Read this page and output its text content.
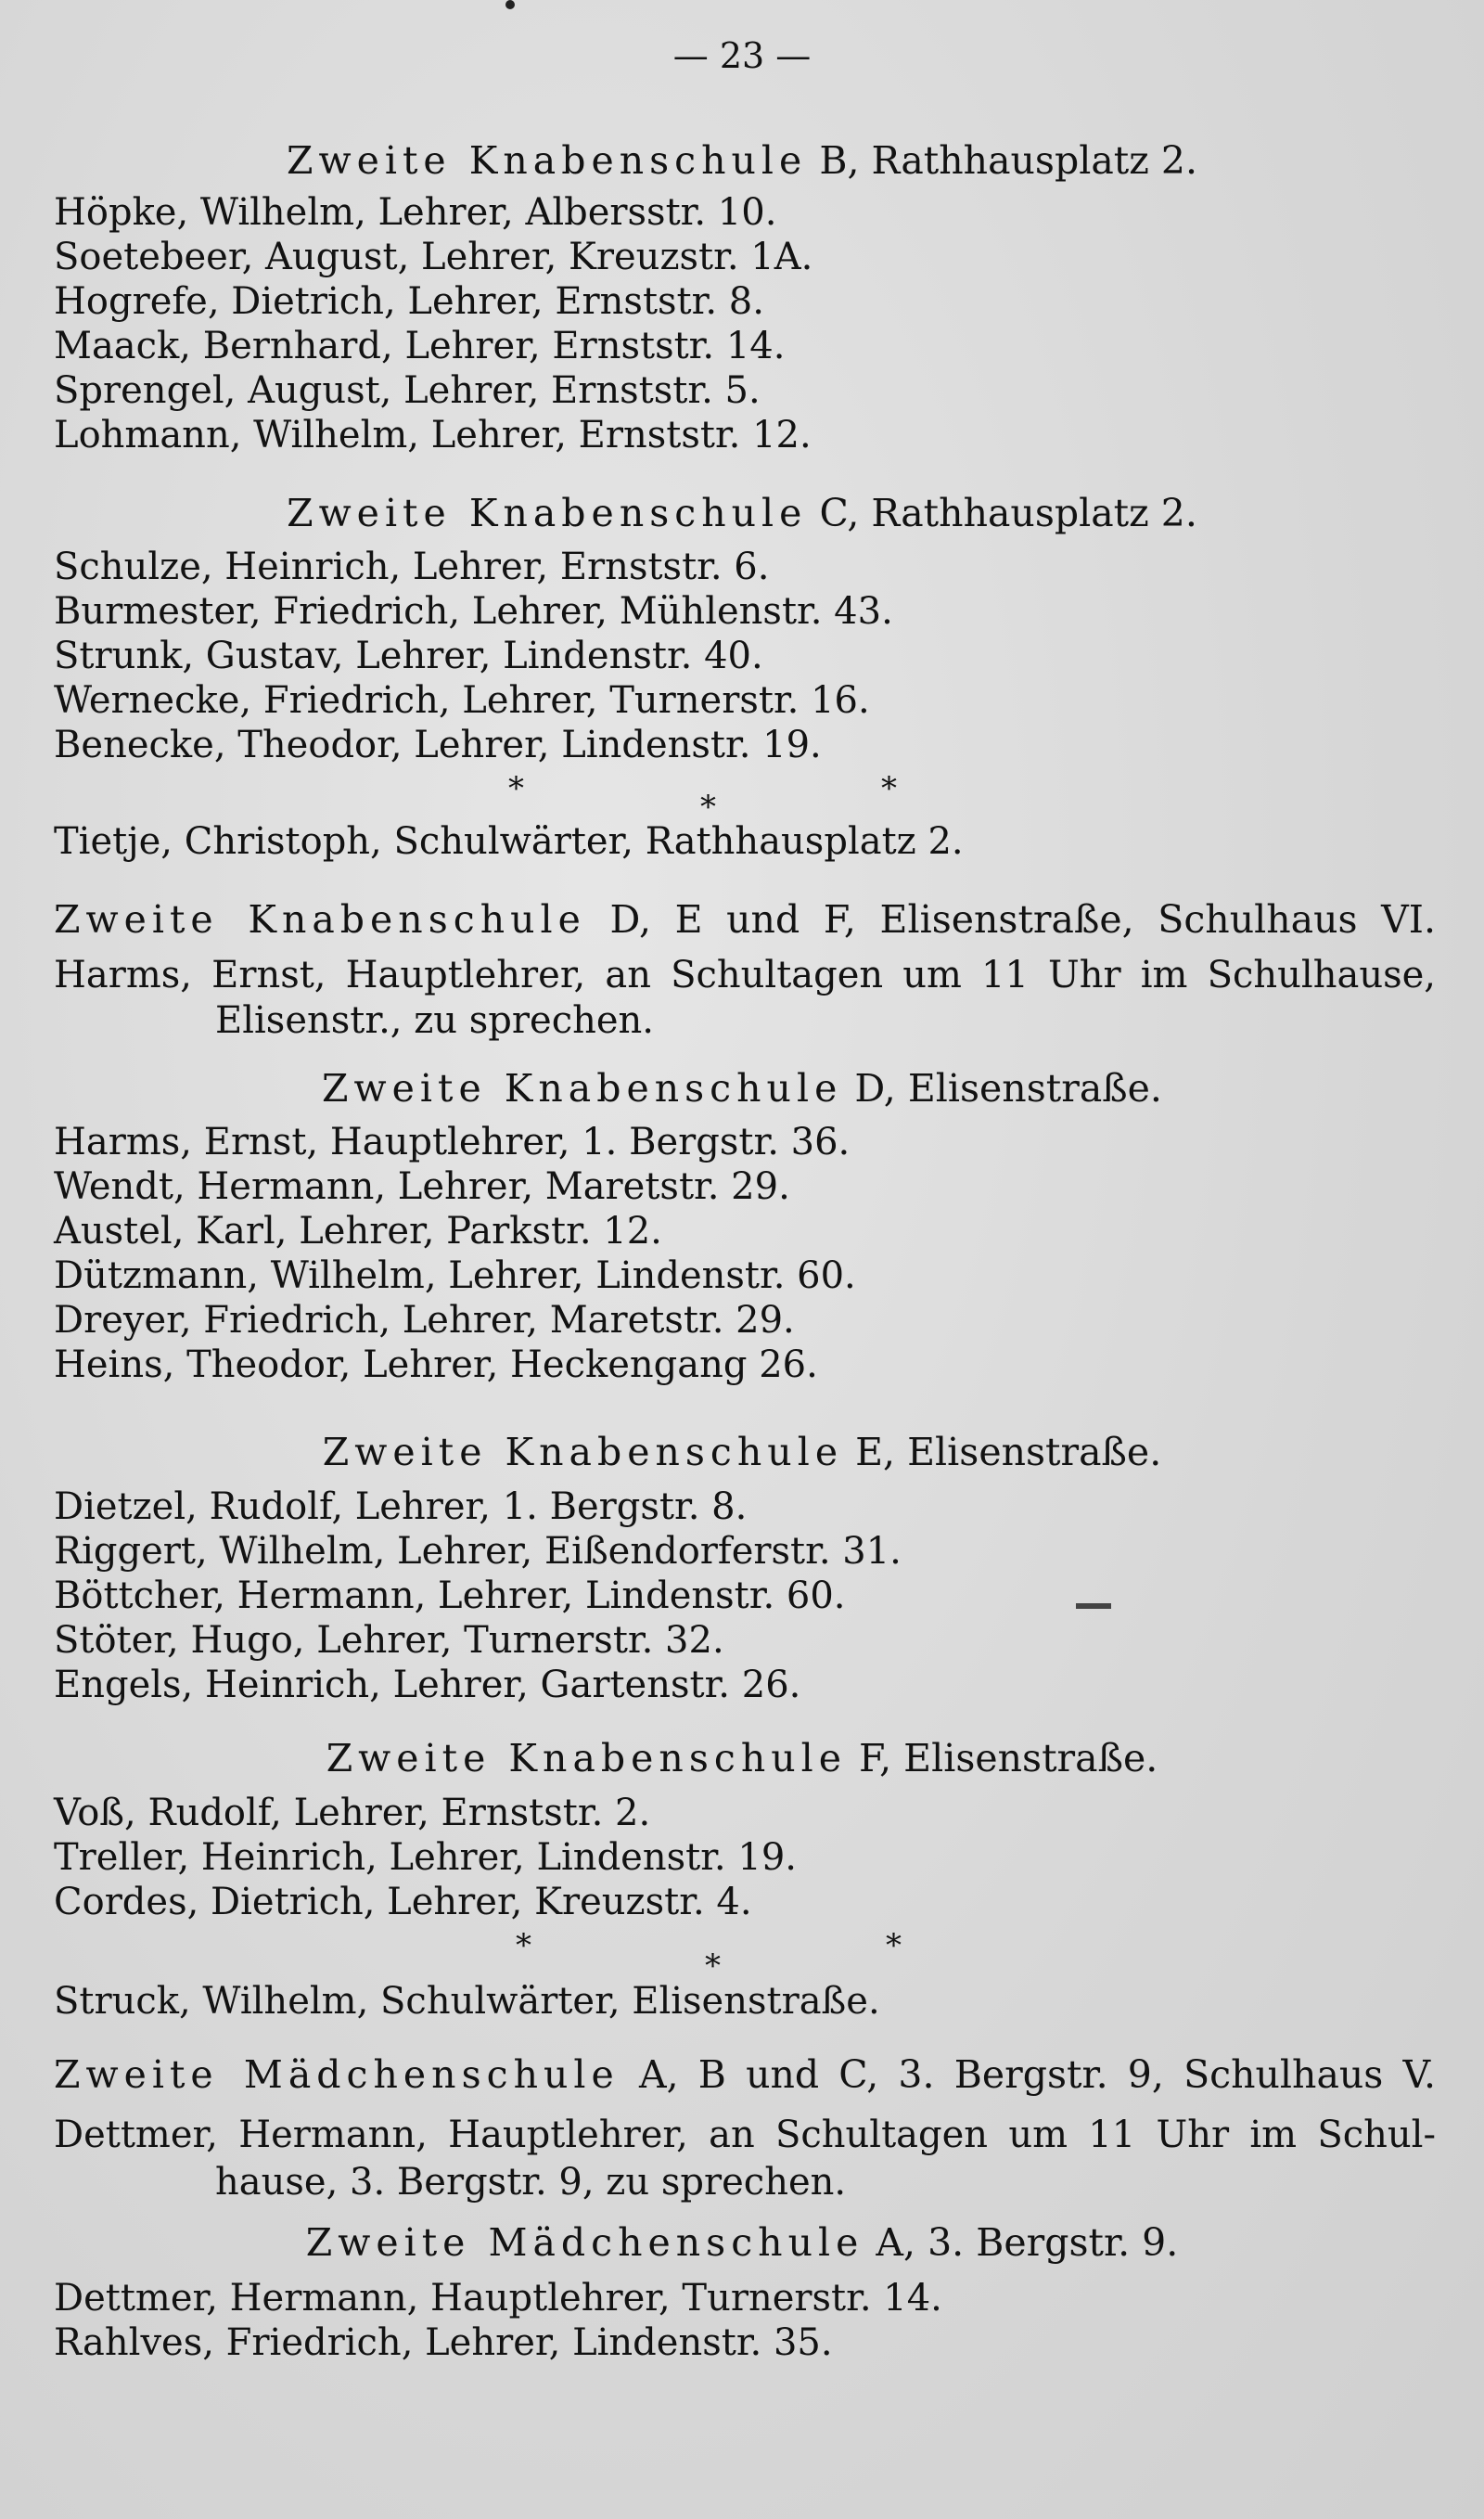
— 23 —
Zweite Knabenschule B, Rathhausplatz 2.
Höpke, Wilhelm, Lehrer, Albersstr. 10.
Soetebeer, August, Lehrer, Kreuzstr. 1A.
Hogrefe, Dietrich, Lehrer, Ernststr. 8.
Maack, Bernhard, Lehrer, Ernststr. 14.
Sprengel, August, Lehrer, Ernststr. 5.
Lohmann, Wilhelm, Lehrer, Ernststr. 12.
Zweite Knabenschule C, Rathhausplatz 2.
Schulze, Heinrich, Lehrer, Ernststr. 6.
Burmester, Friedrich, Lehrer, Mühlenstr. 43.
Strunk, Gustav, Lehrer, Lindenstr. 40.
Wernecke, Friedrich, Lehrer, Turnerstr. 16.
Benecke, Theodor, Lehrer, Lindenstr. 19.
*	*	*
Tietje, Christoph, Schulwärter, Rathhausplatz 2.
Zweite Knabenschule D, E und F, Elisenstraße, Schulhaus VI.
Harms, Ernst, Hauptlehrer, an Schultagen um 11 Uhr im Schulhause,
Elisenstr., zu sprechen.
Zweite Knabenschule D, Elisenstraße.
Harms, Ernst, Hauptlehrer, 1. Bergstr. 36.
Wendt, Hermann, Lehrer, Maretstr. 29.
Austel, Karl, Lehrer, Parkstr. 12.
Dützmann, Wilhelm, Lehrer, Lindenstr. 60.
Dreyer, Friedrich, Lehrer, Maretstr. 29.
Heins, Theodor, Lehrer, Heckengang 26.
Zweite Knabenschule E, Elisenstraße.
Dietzel, Rudolf, Lehrer, 1. Bergstr. 8.
Riggert, Wilhelm, Lehrer, Eißendorferstr. 31.
Böttcher, Hermann, Lehrer, Lindenstr. 60.
Stöter, Hugo, Lehrer, Turnerstr. 32.
Engels, Heinrich, Lehrer, Gartenstr. 26.
Zweite Knabenschule F, Elisenstraße.
Voß, Rudolf, Lehrer, Ernststr. 2.
Treller, Heinrich, Lehrer, Lindenstr. 19.
Cordes, Dietrich, Lehrer, Kreuzstr. 4.
*
*
*
Struck, Wilhelm, Schulwärter, Elisenstraße.
Zweite Mädchenschule A, B und C, 3. Bergstr. 9, Schulhaus V.
Dettmer, Hermann, Hauptlehrer, an Schultagen um 11 Uhr im Schul-
hause, 3. Bergstr. 9, zu sprechen.
Zweite Mädchenschule A, 3. Bergstr. 9.
Dettmer, Hermann, Hauptlehrer, Turnerstr. 14.
Rahlves, Friedrich, Lehrer, Lindenstr. 35.
